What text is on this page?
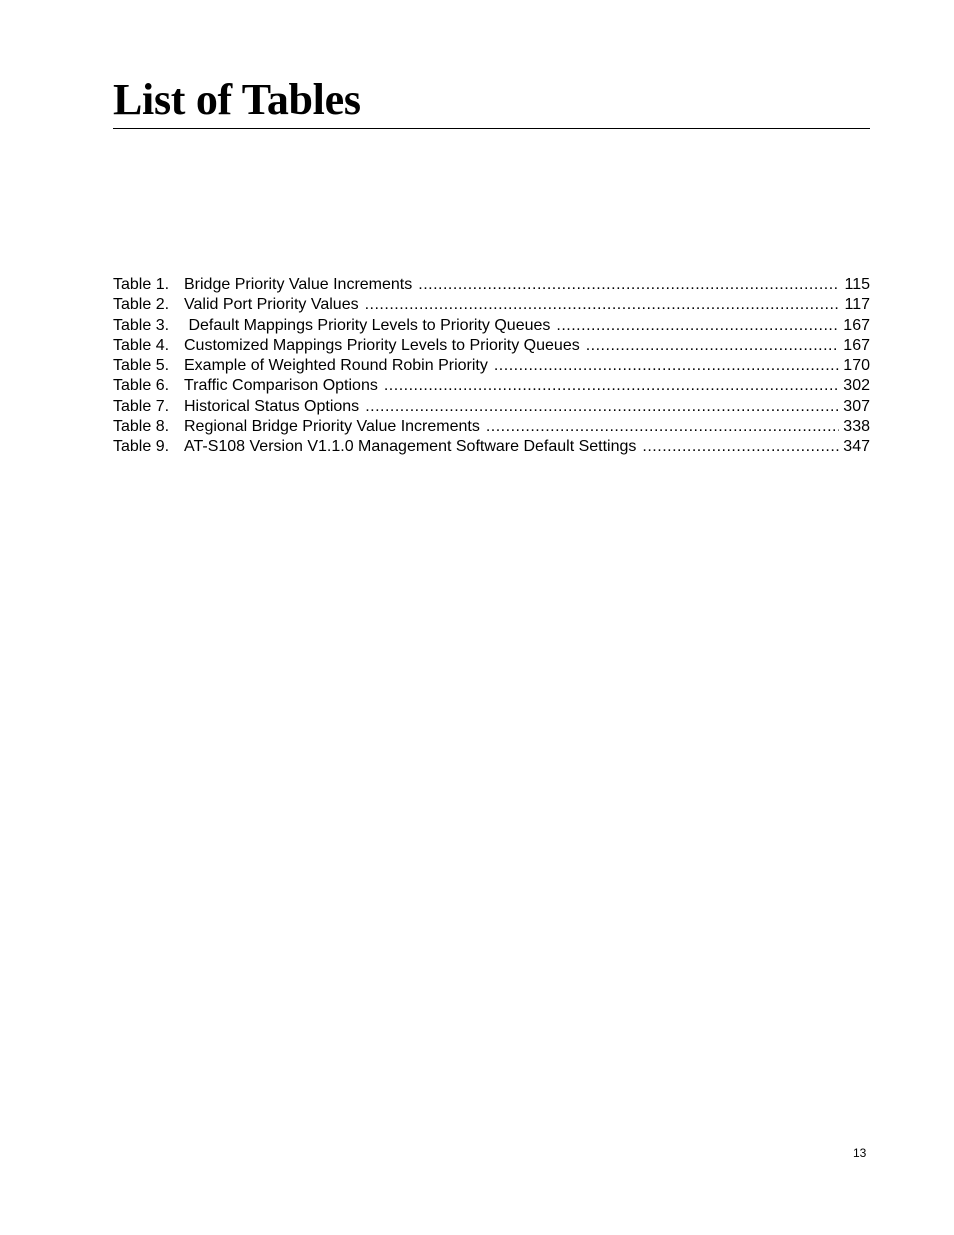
List of Tables
Table 1. Bridge Priority Value Increments .....	115
Table 2. Valid Port Priority Values .....	117
Table 3. Default Mappings Priority Levels to Priority Queues .....	167
Table 4. Customized Mappings Priority Levels to Priority Queues .....	167
Table 5. Example of Weighted Round Robin Priority .....	170
Table 6. Traffic Comparison Options .....	302
Table 7. Historical Status Options .....	307
Table 8. Regional Bridge Priority Value Increments .....	338
Table 9. AT-S108 Version V1.1.0 Management Software Default Settings .....	347
13
